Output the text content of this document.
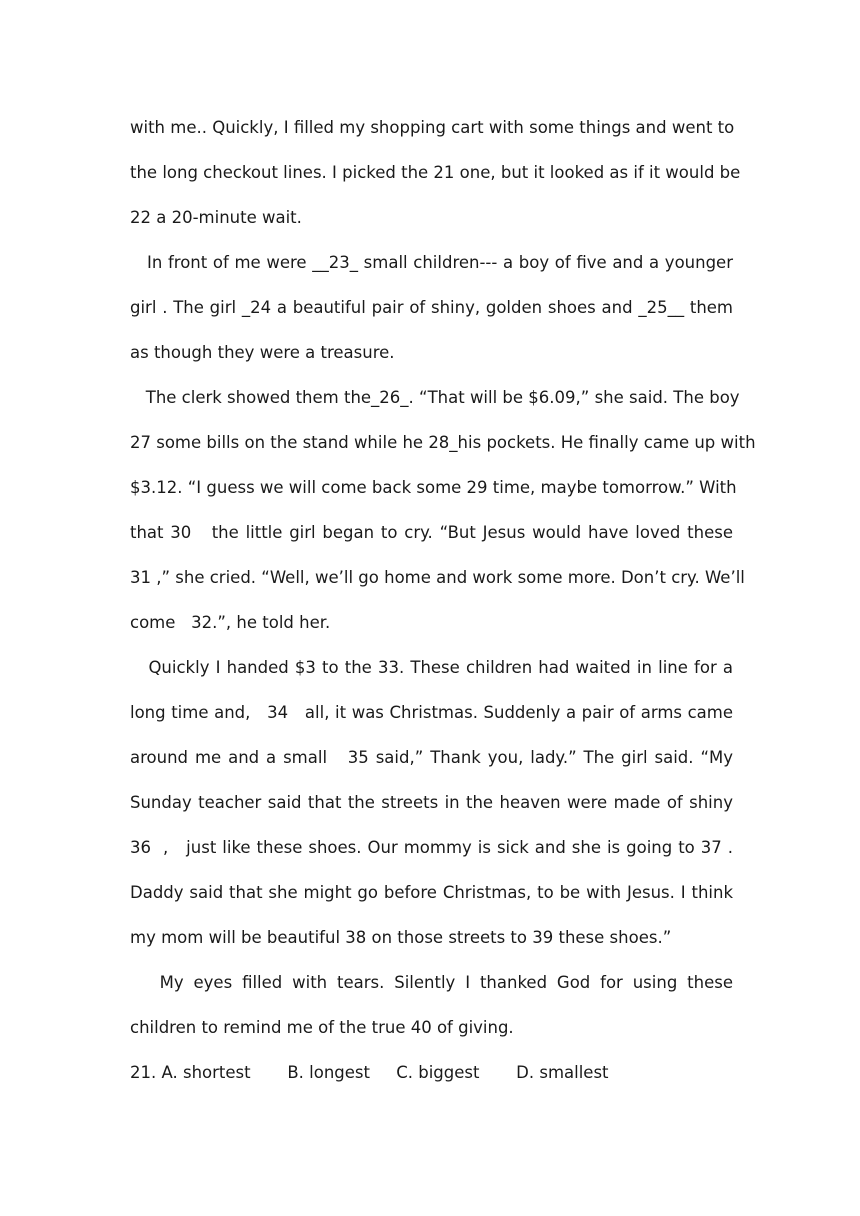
with me.. Quickly, I filled my shopping cart with some things and went to
the long checkout lines. I picked the 21 one, but it looked as if it would be
22 a 20-minute wait.
In front of me were __23_ small children--- a boy of five and a younger
girl . The girl _24 a beautiful pair of shiny, golden shoes and _25__ them
as though they were a treasure.
The clerk showed them the_26_. “That will be $6.09,” she said. The boy
27 some bills on the stand while he 28_his pockets. He finally came up with
$3.12. “I guess we will come back some 29 time, maybe tomorrow.” With
that 30   the little girl began to cry. “But Jesus would have loved these
31 ,” she cried. “Well, we’ll go home and work some more. Don’t cry. We’ll
come   32.”, he told her.
Quickly I handed $3 to the 33. These children had waited in line for a
long time and,   34   all, it was Christmas. Suddenly a pair of arms came
around me and a small   35 said,” Thank you, lady.” The girl said. “My
Sunday teacher said that the streets in the heaven were made of shiny
36  ,   just like these shoes. Our mommy is sick and she is going to 37 .
Daddy said that she might go before Christmas, to be with Jesus. I think
my mom will be beautiful 38 on those streets to 39 these shoes.”
My eyes filled with tears. Silently I thanked God for using these
children to remind me of the true 40 of giving.
21. A. shortest B. longest C. biggest D. smallest
